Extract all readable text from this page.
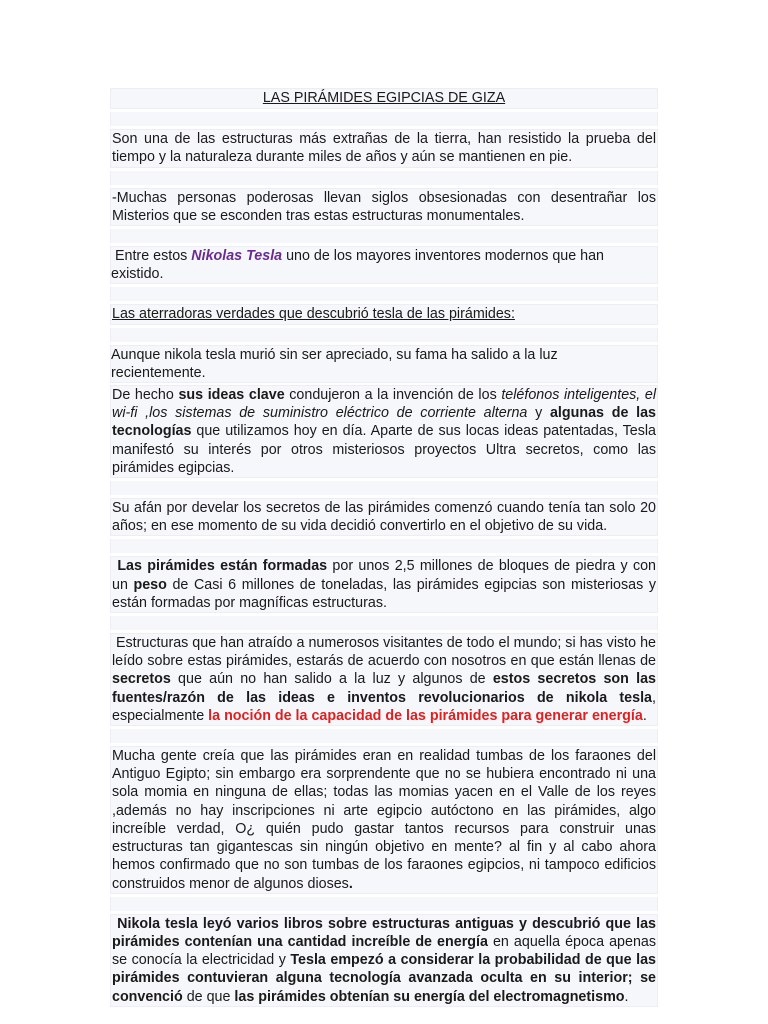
LAS PIRÁMIDES EGIPCIAS DE GIZA
Son una de las estructuras más extrañas de la tierra, han resistido la prueba del tiempo y la naturaleza durante miles de años y aún se mantienen en pie.
-Muchas personas poderosas llevan siglos obsesionadas con desentrañar los Misterios que se esconden tras estas estructuras monumentales.
Entre estos Nikolas Tesla uno de los mayores inventores modernos que han existido.
Las aterradoras verdades que descubrió tesla de las pirámides:
Aunque nikola tesla murió sin ser apreciado, su fama ha salido a la luz recientemente.
De hecho sus ideas clave condujeron a la invención de los teléfonos inteligentes, el wi-fi ,los sistemas de suministro eléctrico de corriente alterna y algunas de las tecnologías que utilizamos hoy en día. Aparte de sus locas ideas patentadas, Tesla manifestó su interés por otros misteriosos proyectos Ultra secretos, como las pirámides egipcias.
Su afán por develar los secretos de las pirámides comenzó cuando tenía tan solo 20 años; en ese momento de su vida decidió convertirlo en el objetivo de su vida.
Las pirámides están formadas por unos 2,5 millones de bloques de piedra y con un peso de Casi 6 millones de toneladas, las pirámides egipcias son misteriosas y están formadas por magníficas estructuras.
Estructuras que han atraído a numerosos visitantes de todo el mundo; si has visto he leído sobre estas pirámides, estarás de acuerdo con nosotros en que están llenas de secretos que aún no han salido a la luz y algunos de estos secretos son las fuentes/razón de las ideas e inventos revolucionarios de nikola tesla, especialmente la noción de la capacidad de las pirámides para generar energía.
Mucha gente creía que las pirámides eran en realidad tumbas de los faraones del Antiguo Egipto; sin embargo era sorprendente que no se hubiera encontrado ni una sola momia en ninguna de ellas; todas las momias yacen en el Valle de los reyes ,además no hay inscripciones ni arte egipcio autóctono en las pirámides, algo increíble verdad, O¿ quién pudo gastar tantos recursos para construir unas estructuras tan gigantescas sin ningún objetivo en mente? al fin y al cabo ahora hemos confirmado que no son tumbas de los faraones egipcios, ni tampoco edificios construidos menor de algunos dioses.
Nikola tesla leyó varios libros sobre estructuras antiguas y descubrió que las pirámides contenían una cantidad increíble de energía en aquella época apenas se conocía la electricidad y Tesla empezó a considerar la probabilidad de que las pirámides contuvieran alguna tecnología avanzada oculta en su interior; se convenció de que las pirámides obtenían su energía del electromagnetismo.
